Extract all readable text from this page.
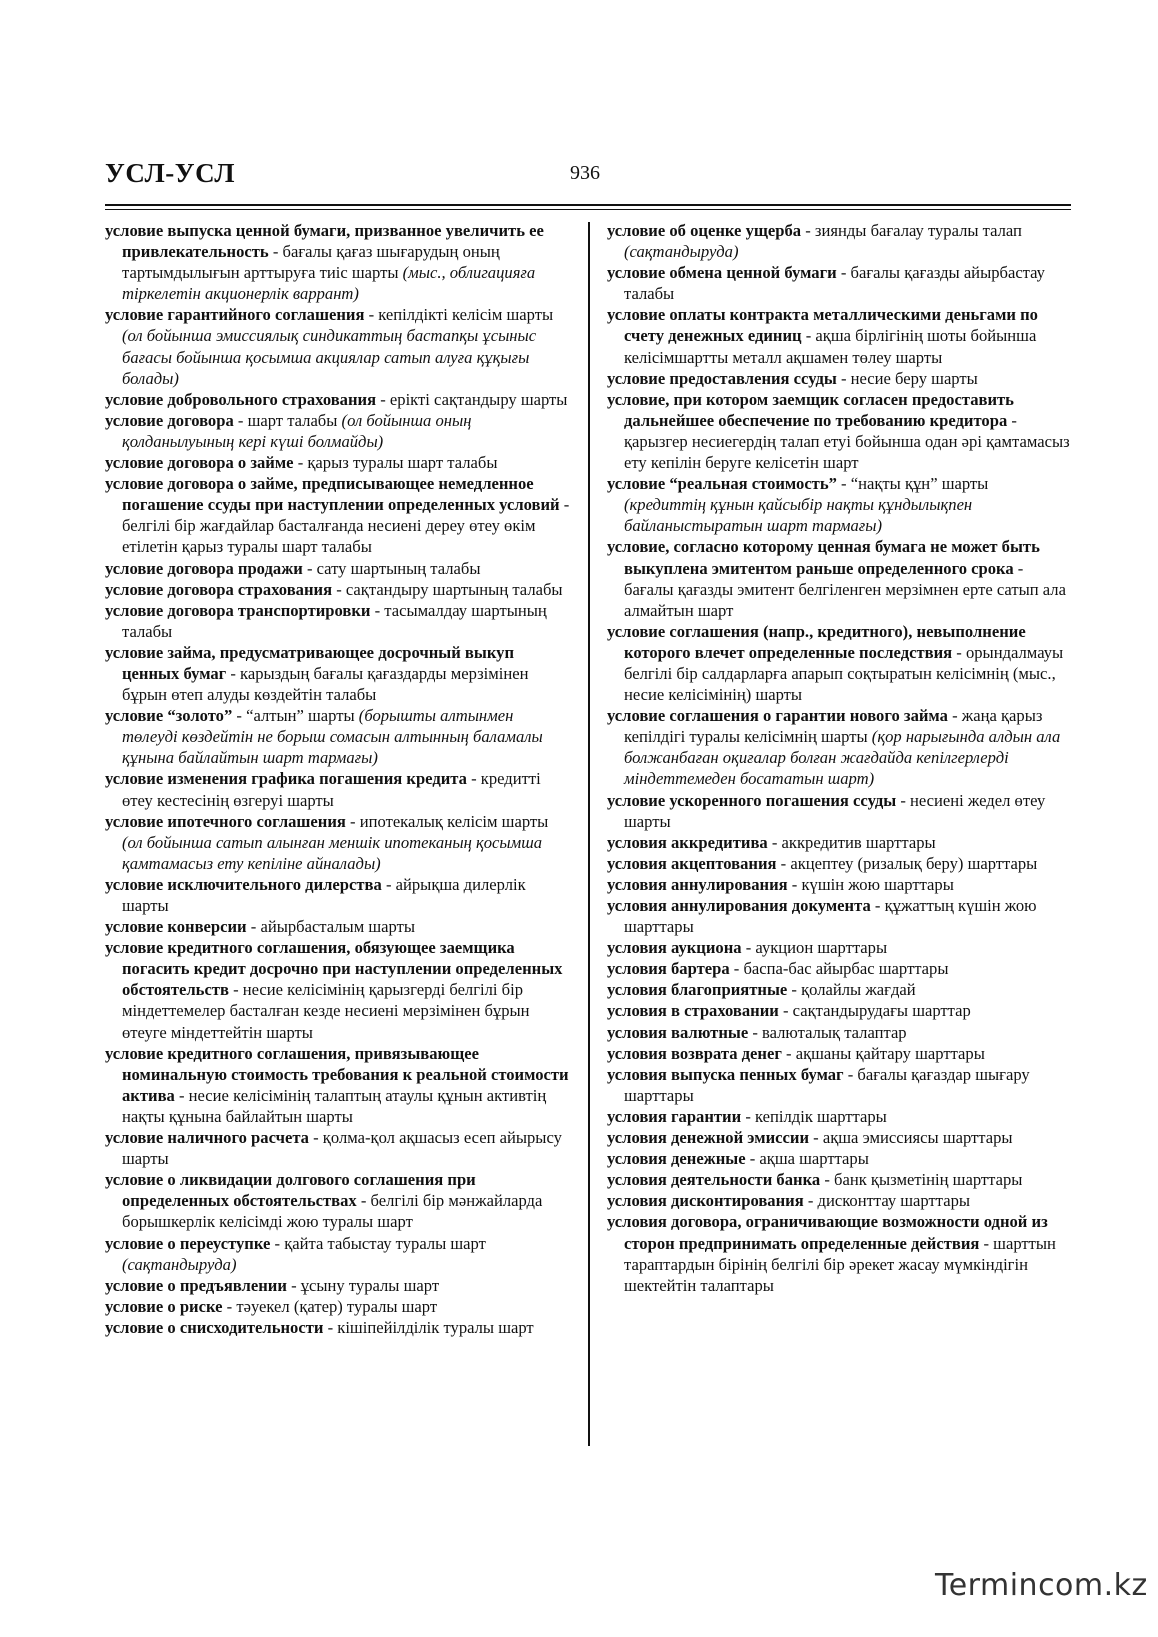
УСЛ-УСЛ	936

условие выпуска ценной бумаги, призванное увеличить ее привлекательность - бағалы қағаз шығарудың оның тартымдылығын арттыруға тиіс шарты (мыс., облигацияға тіркелетін акционерлік варрант)

условие гарантийного соглашения - кепілдікті келісім шарты (ол бойынша эмиссиялық синдикаттың бастапқы ұсыныс бағасы бойынша қосымша акциялар сатып алуға құқығы болады)

условие добровольного страхования - ерікті сақтандыру шарты

условие договора - шарт талабы (ол бойынша оның қолданылуының кері күші болмайды)

условие договора о займе - қарыз туралы шарт талабы

условие договора о займе, предписывающее немедленное погашение ссуды при наступлении определенных условий - белгілі бір жағдайлар басталғанда несиені дереу өтеу өкім етілетін қарыз туралы шарт талабы

условие договора продажи - сату шартының талабы

условие договора страхования - сақтандыру шартының талабы

условие договора транспортировки - тасымалдау шартының талабы

условие займа, предусматривающее досрочный выкуп ценных бумаг - карыздың бағалы қағаздарды мерзімінен бұрын өтеп алуды көздейтін талабы

условие “золото” - “алтын” шарты (борышты алтынмен төлеуді көздейтін не борыш сомасын алтынның баламалы құнына байлайтын шарт тармағы)

условие изменения графика погашения кредита - кредитті өтеу кестесінің өзгеруі шарты

условие ипотечного соглашения - ипотекалық келісім шарты (ол бойынша сатып алынған меншік ипотеканың қосымша қамтамасыз ету кепіліне айналады)

условие исключительного дилерства - айрықша дилерлік шарты

условие конверсии - айырбасталым шарты

условие кредитного соглашения, обязующее заемщика погасить кредит досрочно при наступлении определенных обстоятельств - несие келісімінің қарызгерді белгілі бір міндеттемелер басталған кезде несиені мерзімінен бұрын өтеуге міндеттейтін шарты

условие кредитного соглашения, привязывающее номинальную стоимость требования к реальной стоимости актива - несие келісімінің талаптың атаулы құнын активтің нақты құнына байлайтын шарты

условие наличного расчета - қолма-қол ақшасыз есеп айырысу шарты

условие о ликвидации долгового соглашения при определенных обстоятельствах - белгілі бір мәнжайларда борышкерлік келісімді жою туралы шарт

условие о переуступке - қайта табыстау туралы шарт (сақтандыруда)

условие о предъявлении - ұсыну туралы шарт

условие о риске - тәуекел (қатер) туралы шарт

условие о снисходительности - кішіпейілділік туралы шарт

условие об оценке ущерба - зиянды бағалау туралы талап (сақтандыруда)

условие обмена ценной бумаги - бағалы қағазды айырбастау талабы

условие оплаты контракта металлическими деньгами по счету денежных единиц - ақша бірлігінің шоты бойынша келісімшартты металл ақшамен төлеу шарты

условие предоставления ссуды - несие беру шарты

условие, при котором заемщик согласен предоставить дальнейшее обеспечение по требованию кредитора - қарызгер несиегердің талап етуі бойынша одан әрі қамтамасыз ету кепілін беруге келісетін шарт

условие “реальная стоимость” - “нақты құн” шарты (кредиттің құнын қайсыбір нақты құндылықпен байланыстыратын шарт тармағы)

условие, согласно которому ценная бумага не может быть выкуплена эмитентом раньше определенного срока - бағалы қағазды эмитент белгіленген мерзімнен ерте сатып ала алмайтын шарт

условие соглашения (напр., кредитного), невыполнение которого влечет определенные последствия - орындалмауы белгілі бір салдарларға апарып соқтыратын келісімнің (мыс., несие келісімінің) шарты

условие соглашения о гарантии нового займа - жаңа қарыз кепілдігі туралы келісімнің шарты (қор нарығында алдын ала болжанбаған оқиғалар болған жағдайда кепілгерлерді міндеттемеден босататын шарт)

условие ускоренного погашения ссуды - несиені жедел өтеу шарты

условия аккредитива - аккредитив шарттары

условия акцептования - акцептеу (ризалық беру) шарттары

условия аннулирования - күшін жою шарттары

условия аннулирования документа - құжаттың күшін жою шарттары

условия аукциона - аукцион шарттары

условия бартера - баспа-бас айырбас шарттары

условия благоприятные - қолайлы жағдай

условия в страховании - сақтандырудағы шарттар

условия валютные - валюталық талаптар

условия возврата денег - ақшаны қайтару шарттары

условия выпуска пенных бумаг - бағалы қағаздар шығару шарттары

условия гарантии - кепілдік шарттары

условия денежной эмиссии - ақша эмиссиясы шарттары

условия денежные - ақша шарттары

условия деятельности банка - банк қызметінің шарттары

условия дисконтирования - дисконттау шарттары

условия договора, ограничивающие возможности одной из сторон предпринимать определенные действия - шарттын тараптардын бірінің белгілі бір әрекет жасау мүмкіндігін шектейтін талаптары

Termincom.kz
